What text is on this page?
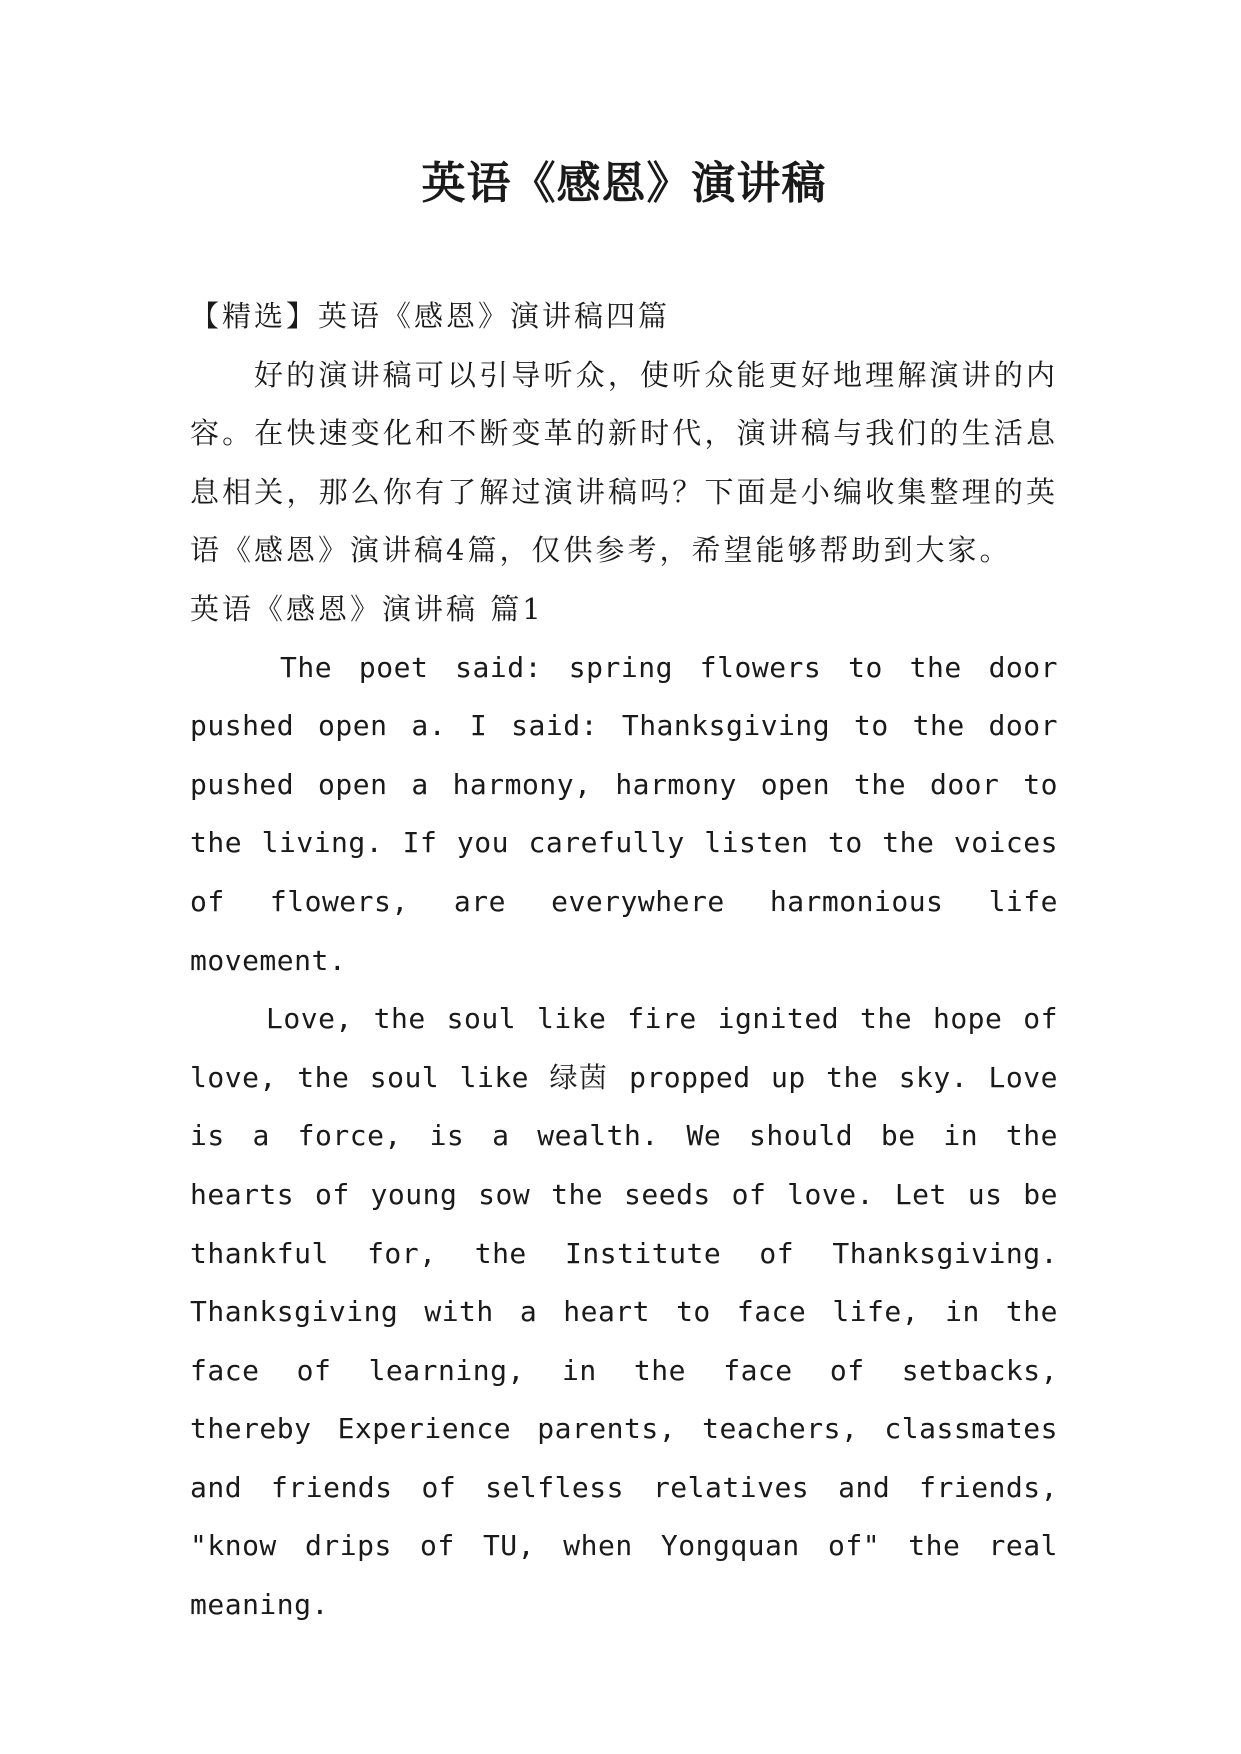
英语《感恩》演讲稿

【精选】英语《感恩》演讲稿四篇

好的演讲稿可以引导听众，使听众能更好地理解演讲的内容。在快速变化和不断变革的新时代，演讲稿与我们的生活息息相关，那么你有了解过演讲稿吗？下面是小编收集整理的英语《感恩》演讲稿4篇，仅供参考，希望能够帮助到大家。

英语《感恩》演讲稿 篇1

The poet said: spring flowers to the door pushed open a. I said: Thanksgiving to the door pushed open a harmony, harmony open the door to the living. If you carefully listen to the voices of flowers, are everywhere harmonious life movement.

Love, the soul like fire ignited the hope of love, the soul like 绿茵 propped up the sky. Love is a force, is a wealth. We should be in the hearts of young sow the seeds of love. Let us be thankful for, the Institute of Thanksgiving. Thanksgiving with a heart to face life, in the face of learning, in the face of setbacks, thereby Experience parents, teachers, classmates and friends of selfless relatives and friends, "know drips of TU, when Yongquan of" the real meaning.
